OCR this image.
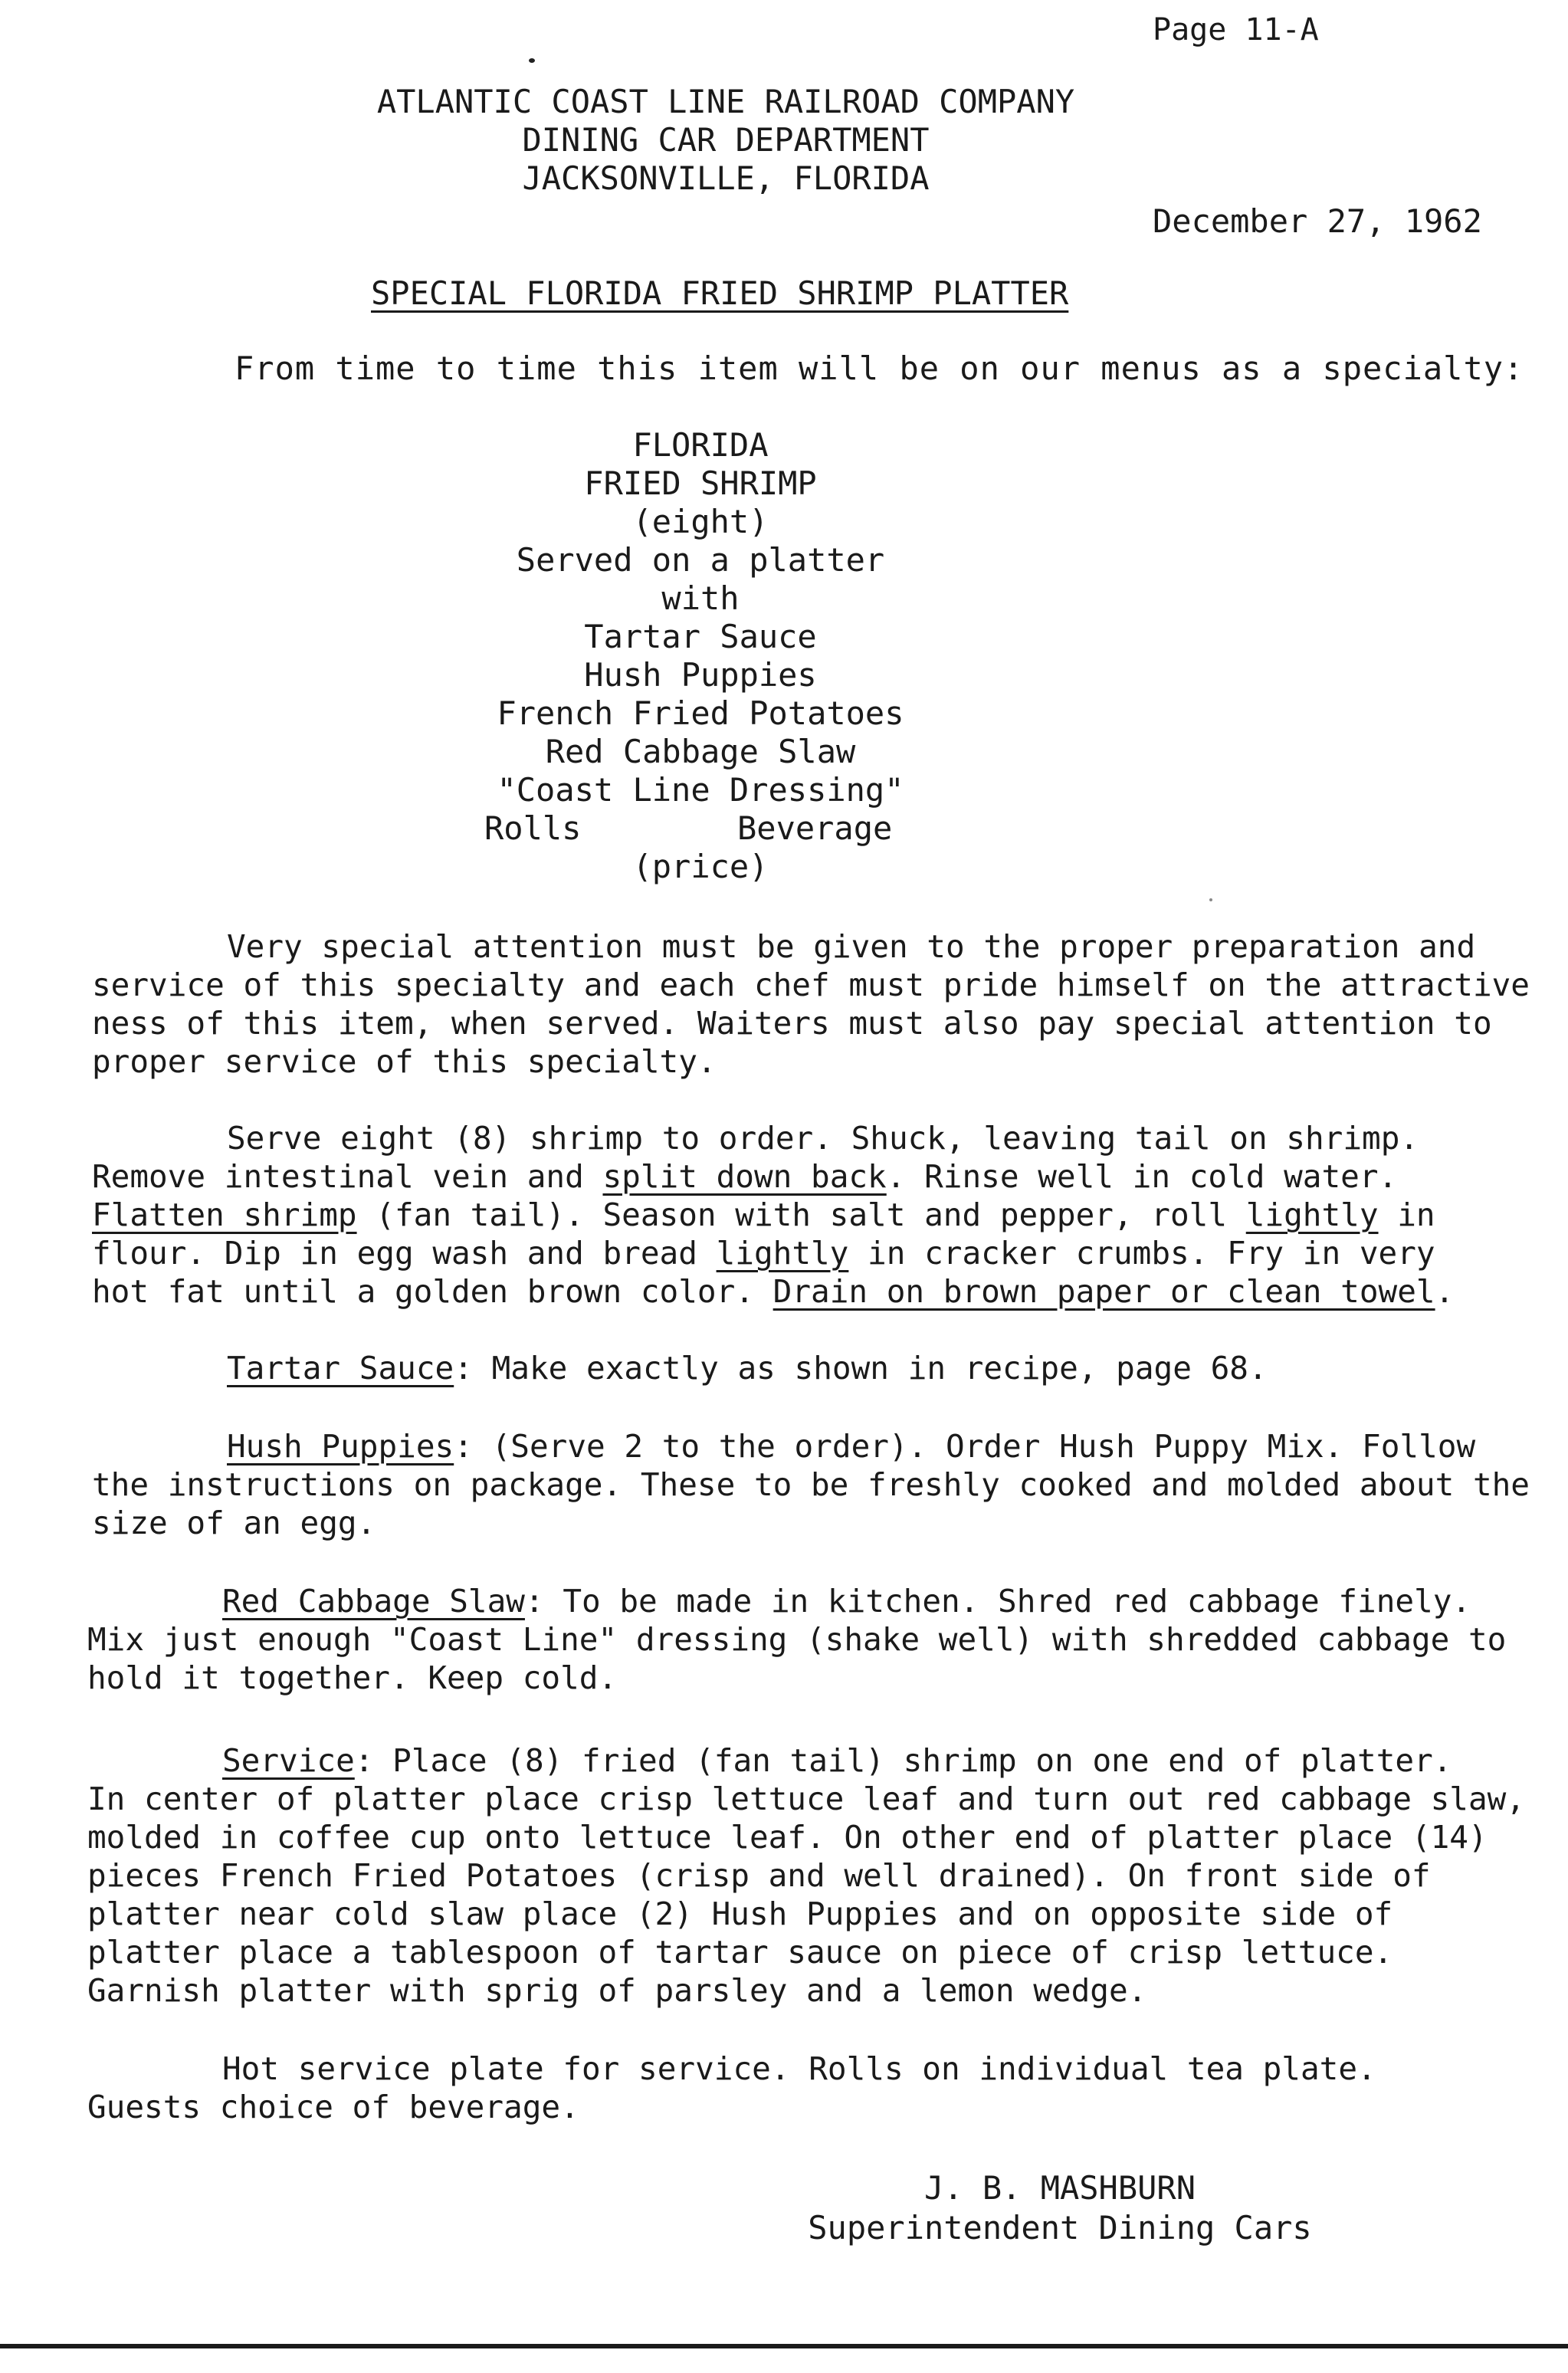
Page 11-A
ATLANTIC COAST LINE RAILROAD COMPANY
DINING CAR DEPARTMENT
JACKSONVILLE, FLORIDA
December 27, 1962
SPECIAL FLORIDA FRIED SHRIMP PLATTER
From time to time this item will be on our menus as a specialty:
FLORIDA
FRIED SHRIMP
(eight)
Served on a platter
with
Tartar Sauce
Hush Puppies
French Fried Potatoes
Red Cabbage Slaw
"Coast Line Dressing"
Rolls	Beverage
(price)
Very special attention must be given to the proper preparation and
service of this specialty and each chef must pride himself on the attractive
ness of this item, when served. Waiters must also pay special attention to
proper service of this specialty.
Serve eight (8) shrimp to order. Shuck, leaving tail on shrimp.
Remove intestinal vein and split down back. Rinse well in cold water.
Flatten shrimp (fan tail). Season with salt and pepper, roll lightly in
flour. Dip in egg wash and bread lightly in cracker crumbs. Fry in very
hot fat until a golden brown color. Drain on brown paper or clean towel.
Tartar Sauce: Make exactly as shown in recipe, page 68.
Hush Puppies: (Serve 2 to the order). Order Hush Puppy Mix. Follow
the instructions on package. These to be freshly cooked and molded about the
size of an egg.
Red Cabbage Slaw: To be made in kitchen. Shred red cabbage finely.
Mix just enough "Coast Line" dressing (shake well) with shredded cabbage to
hold it together. Keep cold.
Service: Place (8) fried (fan tail) shrimp on one end of platter.
In center of platter place crisp lettuce leaf and turn out red cabbage slaw,
molded in coffee cup onto lettuce leaf. On other end of platter place (14)
pieces French Fried Potatoes (crisp and well drained). On front side of
platter near cold slaw place (2) Hush Puppies and on opposite side of
platter place a tablespoon of tartar sauce on piece of crisp lettuce.
Garnish platter with sprig of parsley and a lemon wedge.
Hot service plate for service. Rolls on individual tea plate.
Guests choice of beverage.
J. B. MASHBURN
Superintendent Dining Cars
